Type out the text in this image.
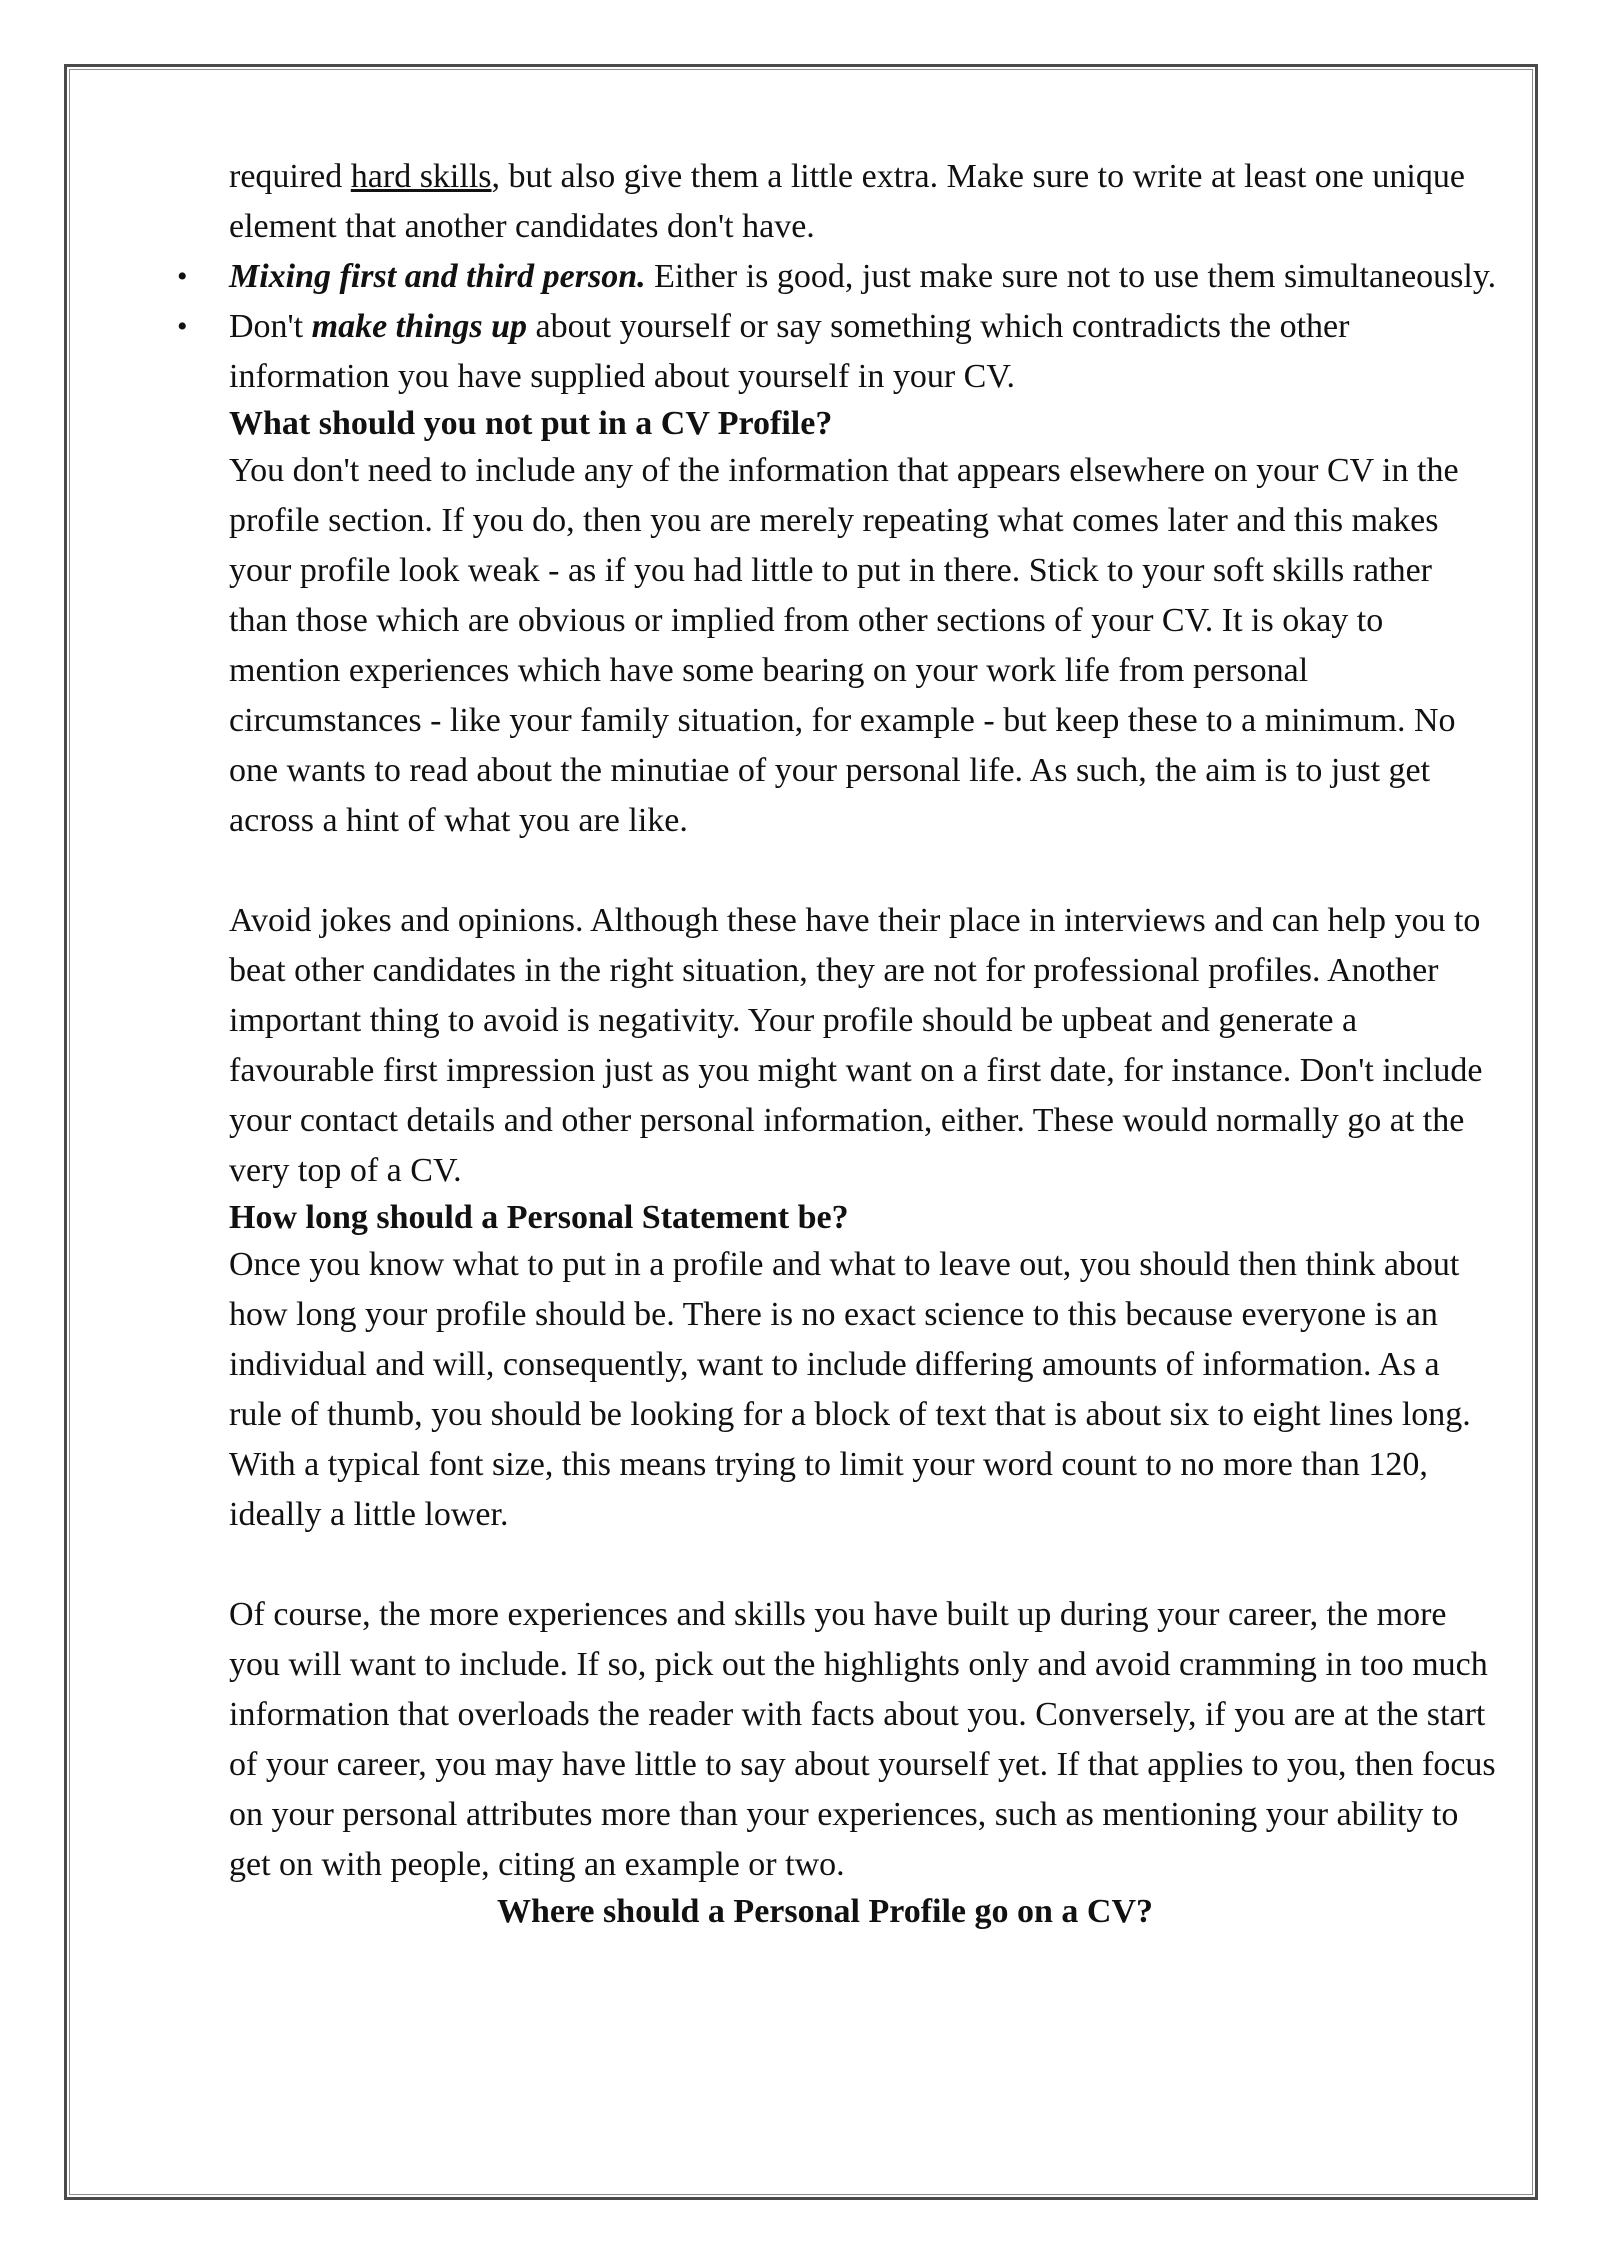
required hard skills, but also give them a little extra. Make sure to write at least one unique element that another candidates don't have.

• Mixing first and third person. Either is good, just make sure not to use them simultaneously.
• Don't make things up about yourself or say something which contradicts the other information you have supplied about yourself in your CV.
What should you not put in a CV Profile?

You don't need to include any of the information that appears elsewhere on your CV in the profile section. If you do, then you are merely repeating what comes later and this makes your profile look weak - as if you had little to put in there. Stick to your soft skills rather than those which are obvious or implied from other sections of your CV. It is okay to mention experiences which have some bearing on your work life from personal circumstances - like your family situation, for example - but keep these to a minimum. No one wants to read about the minutiae of your personal life. As such, the aim is to just get across a hint of what you are like.

Avoid jokes and opinions. Although these have their place in interviews and can help you to beat other candidates in the right situation, they are not for professional profiles. Another important thing to avoid is negativity. Your profile should be upbeat and generate a favourable first impression just as you might want on a first date, for instance. Don't include your contact details and other personal information, either. These would normally go at the very top of a CV.

How long should a Personal Statement be?

Once you know what to put in a profile and what to leave out, you should then think about how long your profile should be. There is no exact science to this because everyone is an individual and will, consequently, want to include differing amounts of information. As a rule of thumb, you should be looking for a block of text that is about six to eight lines long. With a typical font size, this means trying to limit your word count to no more than 120, ideally a little lower.

Of course, the more experiences and skills you have built up during your career, the more you will want to include. If so, pick out the highlights only and avoid cramming in too much information that overloads the reader with facts about you. Conversely, if you are at the start of your career, you may have little to say about yourself yet. If that applies to you, then focus on your personal attributes more than your experiences, such as mentioning your ability to get on with people, citing an example or two.

Where should a Personal Profile go on a CV?
